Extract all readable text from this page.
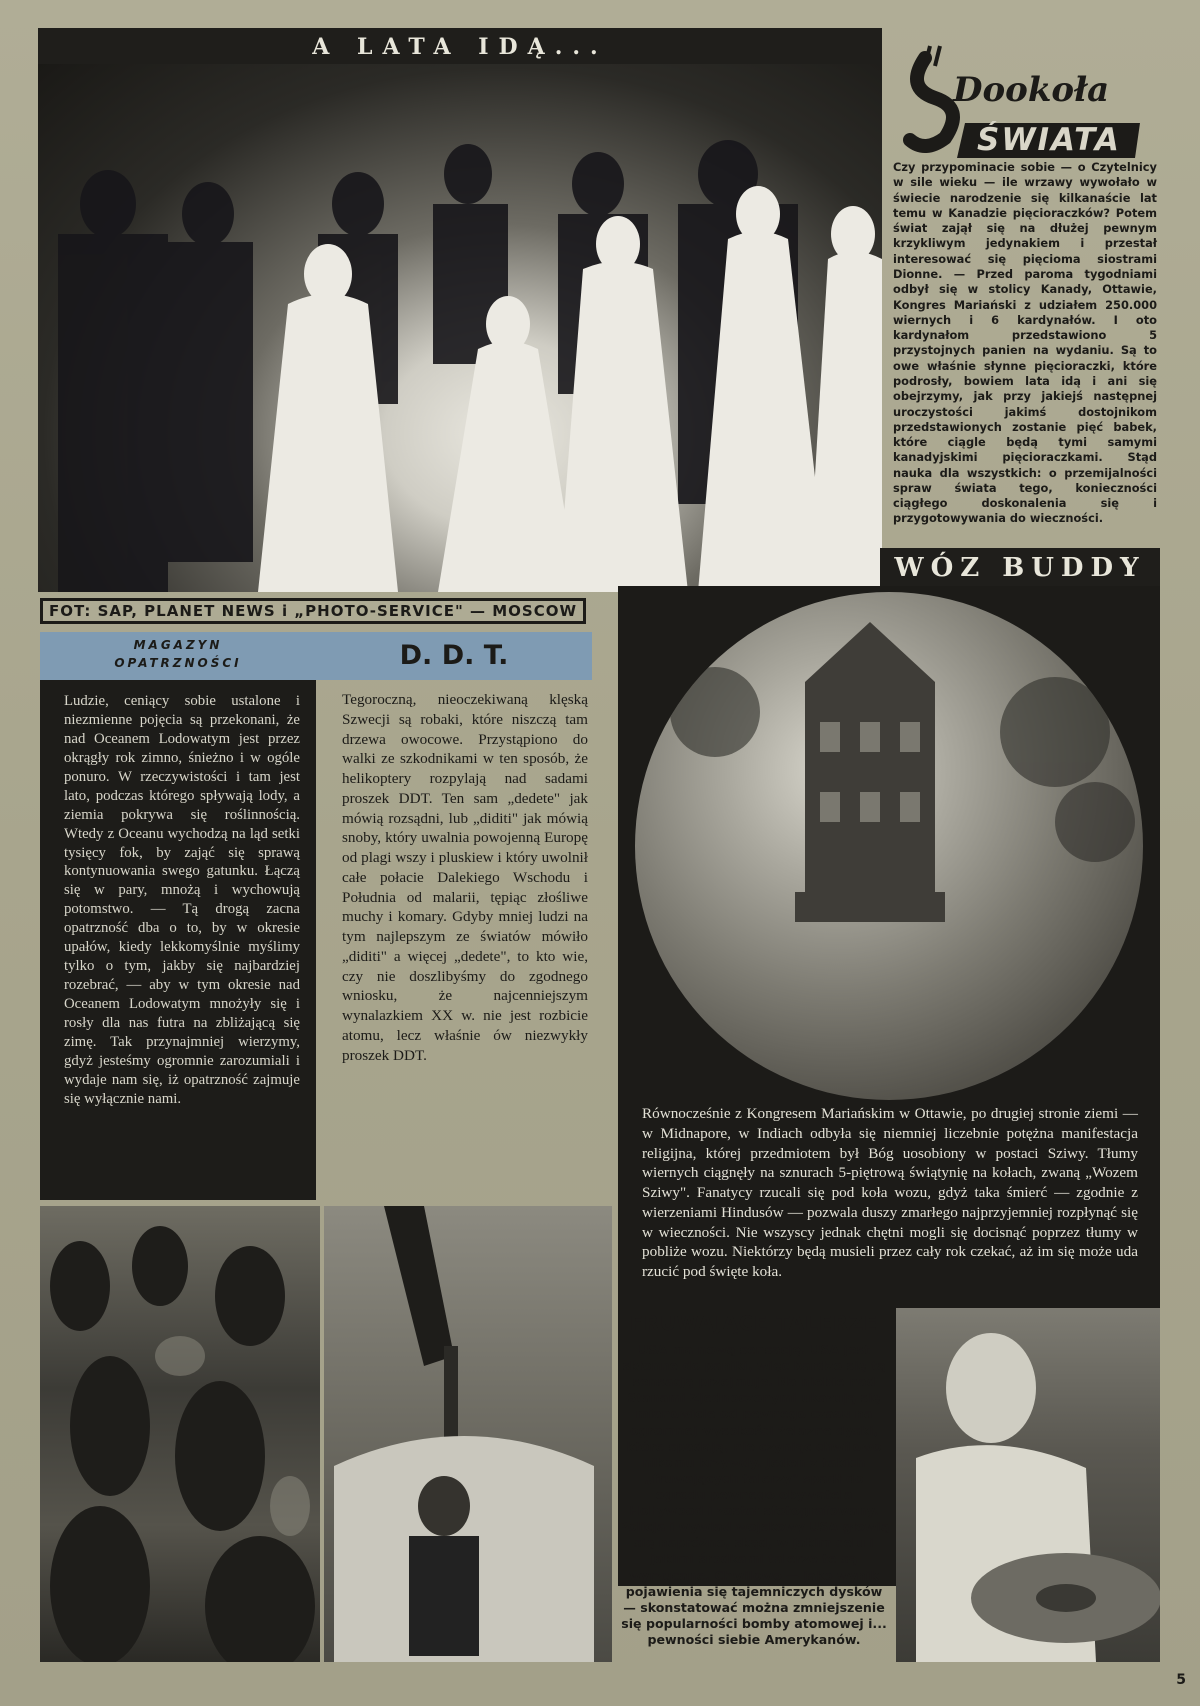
A LATA IDĄ...
Dookoła
ŚWIATA
Czy przypominacie sobie — o Czytelnicy w sile wieku — ile wrzawy wywołało w świecie narodzenie się kilkanaście lat temu w Kanadzie pięcioraczków? Potem świat zajął się na dłużej pewnym krzykliwym jedynakiem i przestał interesować się pięcioma siostrami Dionne. — Przed paroma tygodniami odbył się w stolicy Kanady, Ottawie, Kongres Mariański z udziałem 250.000 wiernych i 6 kardynałów. I oto kardynałom przedstawiono 5 przystojnych panien na wydaniu. Są to owe właśnie słynne pięcioraczki, które podrosły, bowiem lata idą i ani się obejrzymy, jak przy jakiejś następnej uroczystości jakimś dostojnikom przedstawionych zostanie pięć babek, które ciągle będą tymi samymi kanadyjskimi pięcioraczkami. Stąd nauka dla wszystkich: o przemijalności spraw świata tego, konieczności ciągłego doskonalenia się i przygotowywania do wieczności.
WÓZ BUDDY
FOT: SAP, PLANET NEWS i „PHOTO-SERVICE" — MOSCOW
Równocześnie z Kongresem Mariańskim w Ottawie, po drugiej stronie ziemi — w Midnapore, w Indiach odbyła się niemniej liczebnie potężna manifestacja religijna, której przedmiotem był Bóg uosobiony w postaci Sziwy. Tłumy wiernych ciągnęły na sznurach 5-piętrową świątynię na kołach, zwaną „Wozem Sziwy". Fanatycy rzucali się pod koła wozu, gdyż taka śmierć — zgodnie z wierzeniami Hindusów — pozwala duszy zmarłego najprzyjemniej rozpłynąć się w wieczności. Nie wszyscy jednak chętni mogli się docisnąć poprzez tłumy w pobliże wozu. Niektórzy będą musieli przez cały rok czekać, aż im się może uda rzucić pod święte koła.
MAGAZYN
OPATRZNOŚCI
Ludzie, ceniący sobie ustalone i niezmienne pojęcia są przekonani, że nad Oceanem Lodowatym jest przez okrągły rok zimno, śnieżno i w ogóle ponuro. W rzeczywistości i tam jest lato, podczas którego spływają lody, a ziemia pokrywa się roślinnością. Wtedy z Oceanu wychodzą na ląd setki tysięcy fok, by zająć się sprawą kontynuowania swego gatunku. Łączą się w pary, mnożą i wychowują potomstwo. — Tą drogą zacna opatrzność dba o to, by w okresie upałów, kiedy lekkomyślnie myślimy tylko o tym, jakby się najbardziej rozebrać, — aby w tym okresie nad Oceanem Lodowatym mnożyły się i rosły dla nas futra na zbliżającą się zimę. Tak przynajmniej wierzymy, gdyż jesteśmy ogromnie zarozumiali i wydaje nam się, iż opatrzność zajmuje się wyłącznie nami.
D. D. T.
Tegoroczną, nieoczekiwaną klęską Szwecji są robaki, które niszczą tam drzewa owocowe. Przystąpiono do walki ze szkodnikami w ten sposób, że helikoptery rozpylają nad sadami proszek DDT. Ten sam „dedete" jak mówią rozsądni, lub „diditi" jak mówią snoby, który uwalnia powojenną Europę od plagi wszy i pluskiew i który uwolnił całe połacie Dalekiego Wschodu i Południa od malarii, tępiąc złośliwe muchy i komary. Gdyby mniej ludzi na tym najlepszym ze światów mówiło „diditi" a więcej „dedete", to kto wie, czy nie doszlibyśmy do zgodnego wniosku, że najcenniejszym wynalazkiem XX w. nie jest rozbicie atomu, lecz właśnie ów niezwykły proszek DDT.
FRUWAJĄCE TALERZE
USA ma nową sensację. USA jest skłonne do paniki, więc bardzo się tą sensacją przejmuje. Na niebie nad Stanami Zjednoczonymi ukazują się mianowicie od pewnego czasu na ogromnej wysokości żelazne dyski, które spadają, nie czyniąc chwilowo nikomu krzywdy. Jeden z takich „fruwających talerzy" spadł do ogrodu pewnego obywatela Hollywood i został sfotografowany. Policja i wywiad wojskowy USA głowią się napróżno, skąd, w jakim celu i jakimi środkami talerze te są wyrzucane. Chwilowo — jako wynik pojawienia się tajemniczych dysków — skonstatować można zmniejszenie się popularności bomby atomowej i... pewności siebie Amerykanów.
5
